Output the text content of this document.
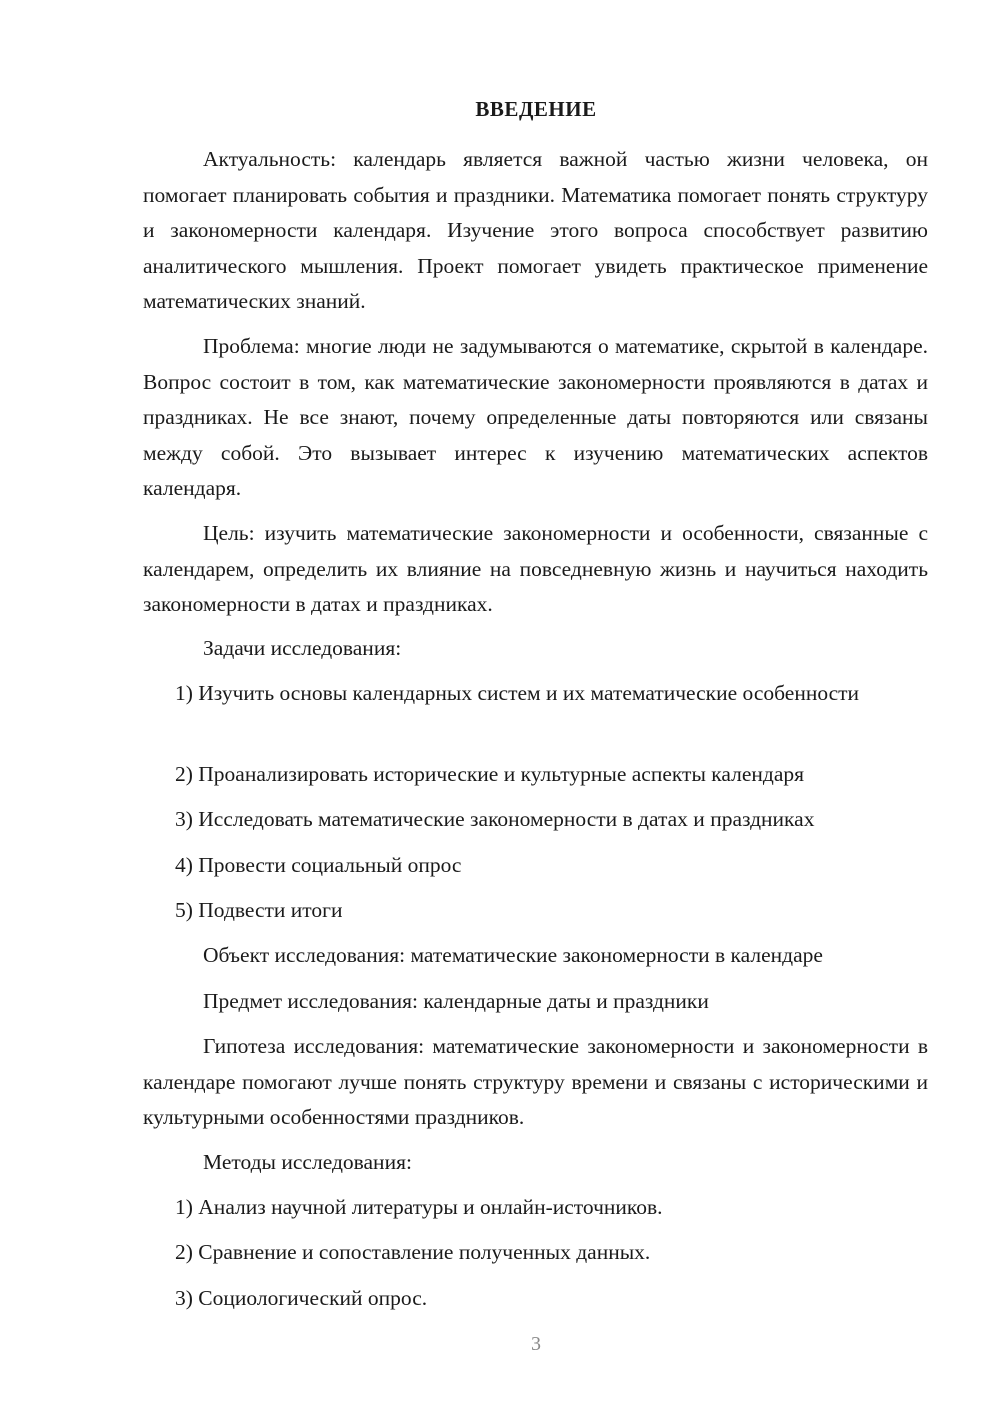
ВВЕДЕНИЕ

Актуальность: календарь является важной частью жизни человека, он помогает планировать события и праздники. Математика помогает понять структуру и закономерности календаря. Изучение этого вопроса способствует развитию аналитического мышления. Проект помогает увидеть практическое применение математических знаний.

Проблема: многие люди не задумываются о математике, скрытой в календаре. Вопрос состоит в том, как математические закономерности проявляются в датах и праздниках. Не все знают, почему определенные даты повторяются или связаны между собой. Это вызывает интерес к изучению математических аспектов календаря.

Цель: изучить математические закономерности и особенности, связанные с календарем, определить их влияние на повседневную жизнь и научиться находить закономерности в датах и праздниках.

Задачи исследования:

1) Изучить основы календарных систем и их математические особенности

2) Проанализировать исторические и культурные аспекты календаря

3) Исследовать математические закономерности в датах и праздниках

4) Провести социальный опрос

5) Подвести итоги

Объект исследования: математические закономерности в календаре

Предмет исследования: календарные даты и праздники

Гипотеза исследования: математические закономерности и закономерности в календаре помогают лучше понять структуру времени и связаны с историческими и культурными особенностями праздников.

Методы исследования:

1) Анализ научной литературы и онлайн-источников.

2) Сравнение и сопоставление полученных данных.

3) Социологический опрос.

3
